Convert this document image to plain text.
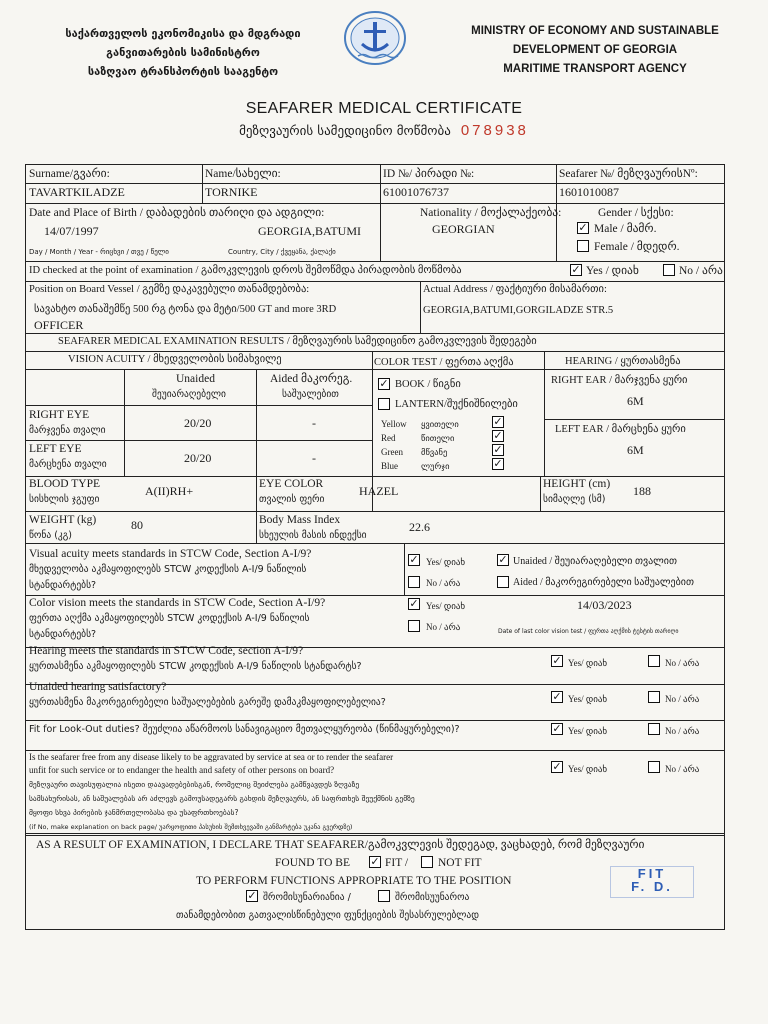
საქართველოს ეკონომიკისა და მდგრადი
განვითარების სამინისტრო
საზღვაო ტრანსპორტის სააგენტო
MINISTRY OF ECONOMY AND SUSTAINABLE
DEVELOPMENT OF GEORGIA
MARITIME TRANSPORT AGENCY
SEAFARER MEDICAL CERTIFICATE
მეზღვაურის სამედიცინო მოწმობა 078938
Surname/გვარი:
TAVARTKILADZE
Name/სახელი:
TORNIKE
ID №/ პირადი №:
61001076737
Seafarer №/ მეზღვაურისNº:
1601010087
Date and Place of Birth / დაბადების თარიღი და ადგილი:
14/07/1997	GEORGIA,BATUMI
Day / Month / Year - რიცხვი / თვე / წელი	Country, City / ქვეყანა, ქალაქი
Nationality / მოქალაქეობა:
GEORGIAN
Gender / სქესი:
✓ Male / მამრ.
Female / მდედრ.
ID checked at the point of examination / გამოკვლევის დროს შემოწმდა პირადობის მოწმობა	✓ Yes / დიახ	No / არა
Position on Board Vessel / გემზე დაკავებული თანამდებობა:
სავახტო თანაშემწე 500 რგ ტონა და მეტი/500 GT and more 3RD
OFFICER
Actual Address / ფაქტიური მისამართი:
GEORGIA,BATUMI,GORGILADZE STR.5
SEAFARER MEDICAL EXAMINATION RESULTS / მეზღვაურის სამედიცინო გამოკვლევის შედეგები
VISION ACUITY / მხედველობის სიმახვილე
Unaided
შეუიარაღებელი
Aided მაკორეგ.
საშუალებით
RIGHT EYE
მარჯვენა თვალი
20/20	-
LEFT EYE
მარცხენა თვალი	20/20	-
COLOR TEST / ფერთა აღქმა
✓ BOOK / წიგნი
LANTERN/შუქნიშნილები
Yellow ყვითელი	✓
Red	წითელი	✓
Green მწვანე	✓
Blue	ლურჯი	✓
HEARING / ყურთასმენა
RIGHT EAR / მარჯვენა ყური
6M
LEFT EAR / მარცხენა ყური
6M
BLOOD TYPE
სისხლის ჯგუფი
A(II)RH+	EYE COLOR
თვალის ფერი
HAZEL	HEIGHT (cm)
სიმაღლე (სმ)
188
WEIGHT (kg)
წონა (კგ)
80	Body Mass Index
სხეულის მასის ინდექსი
22.6
Visual acuity meets standards in STCW Code, Section A-I/9?
მხედველობა აკმაყოფილებს STCW კოდექსის A-I/9 ნაწილის
სტანდარტებს?
✓ Yes/ დიახ	✓ Unaided / შეუიარაღებელი თვალით
No / არა	Aided / მაკორეგირებელი საშუალებით
Color vision meets the standards in STCW Code, Section A-I/9?
ფერთა აღქმა აკმაყოფილებს STCW კოდექსის A-I/9 ნაწილის
სტანდარტებს?
✓ Yes/ დიახ
No / არა
14/03/2023
Date of last color vision test / ფერთა აღქმის ტესტის თარიღი
Hearing meets the standards in STCW Code, section A-I/9?
ყურთასმენა აკმაყოფილებს STCW კოდექსის A-I/9 ნაწილის სტანდარტს?	✓ Yes/ დიახ	No / არა
Unaided hearing satisfactory?
ყურთასმენა მაკორეგირებელი საშუალებების გარეშე დამაკმაყოფილებელია?	✓ Yes/ დიახ	No / არა
Fit for Look-Out duties? შეუძლია აწარმოოს სანავიგაციო მეთვალყურეობა (წინმაყურებელი)?	✓ Yes/ დიახ	No / არა
Is the seafarer free from any disease likely to be aggravated by service at sea or to render the seafarer
unfit for such service or to endanger the health and safety of other persons on board?
მეზღვაური თავისუფალია ისეთი დაავადებებისგან, რომელიც შეიძლება გამწვავდეს ზღვაზე
სამსახურისას, ან საშუალებას არ აძლევს გამოუსადეგარს გახდის მეზღვაურს, ან საფრთხეს შეუქმნის გემზე
მყოფი სხვა პირების ჯანმრთელობასა და უსაფრთხოებას?
(if No, make explanation on back page/ უარყოფითი პასუხის შემთხვევაში განმარტება უკანა გვერდზე)
✓ Yes/ დიახ	No / არა
AS A RESULT OF EXAMINATION, I DECLARE THAT SEAFARER/გამოკვლევის შედეგად, ვაცხადებ, რომ მეზღვაური
FOUND TO BE ✓ FIT /	NOT FIT
TO PERFORM FUNCTIONS APPROPRIATE TO THE POSITION
✓ შრომისუნარიანია /	შრომისუუნაროა
თანამდებობით გათვალისწინებული ფუნქციების შესასრულებლად
FIT
F. D.
